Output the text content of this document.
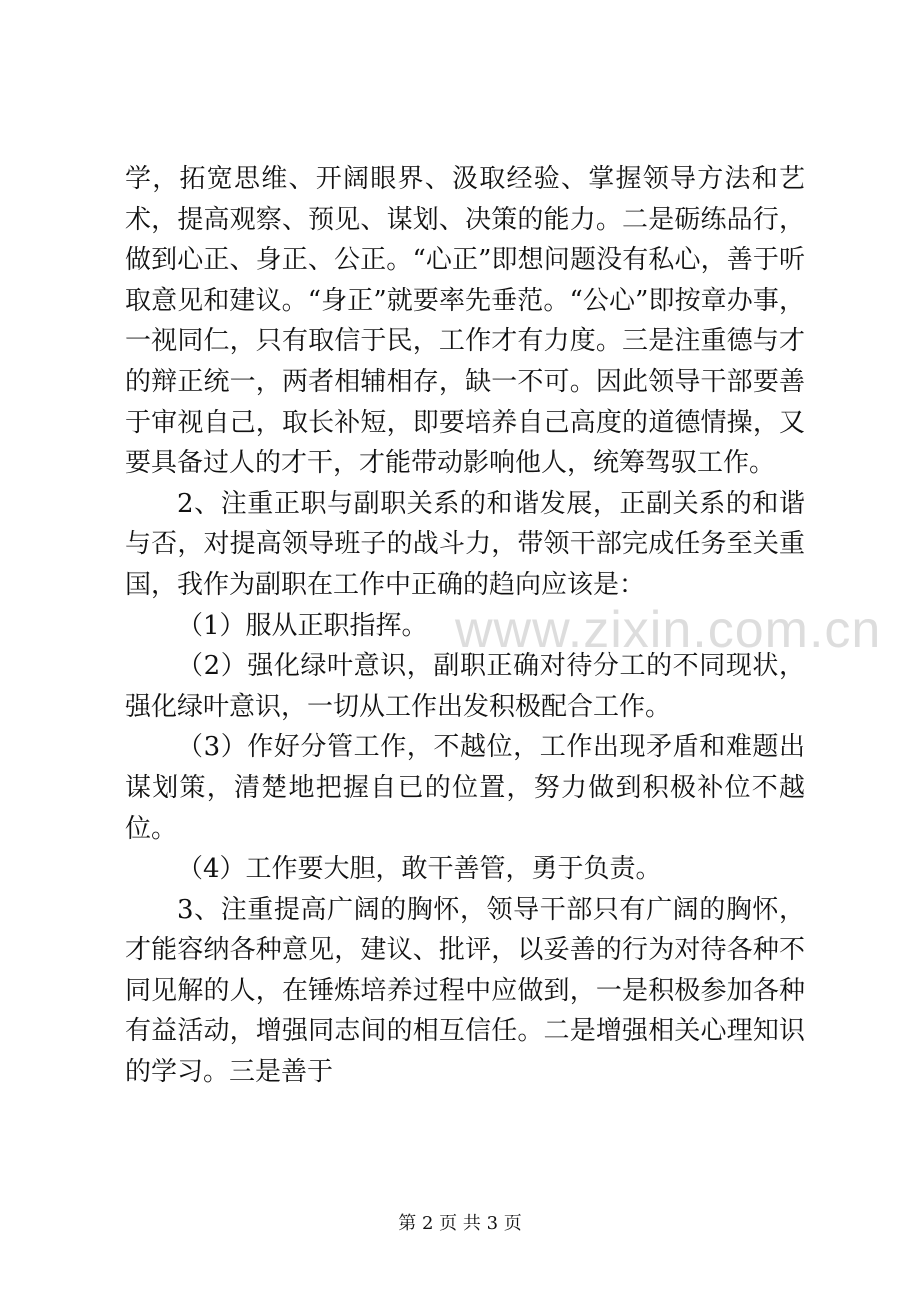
学，拓宽思维、开阔眼界、汲取经验、掌握领导方法和艺术，提高观察、预见、谋划、决策的能力。二是砺练品行，做到心正、身正、公正。“心正”即想问题没有私心，善于听取意见和建议。“身正”就要率先垂范。“公心”即按章办事，一视同仁，只有取信于民，工作才有力度。三是注重德与才的辩正统一，两者相辅相存，缺一不可。因此领导干部要善于审视自己，取长补短，即要培养自己高度的道德情操，又要具备过人的才干，才能带动影响他人，统筹驾驭工作。

2、注重正职与副职关系的和谐发展，正副关系的和谐与否，对提高领导班子的战斗力，带领干部完成任务至关重国，我作为副职在工作中正确的趋向应该是：

（1）服从正职指挥。

（2）强化绿叶意识，副职正确对待分工的不同现状，强化绿叶意识，一切从工作出发积极配合工作。

（3）作好分管工作，不越位，工作出现矛盾和难题出谋划策，清楚地把握自已的位置，努力做到积极补位不越位。

（4）工作要大胆，敢干善管，勇于负责。

3、注重提高广阔的胸怀，领导干部只有广阔的胸怀，才能容纳各种意见，建议、批评，以妥善的行为对待各种不同见解的人，在锤炼培养过程中应做到，一是积极参加各种有益活动，增强同志间的相互信任。二是增强相关心理知识的学习。三是善于

www.zixin.com.cn
第 2 页 共 3 页
